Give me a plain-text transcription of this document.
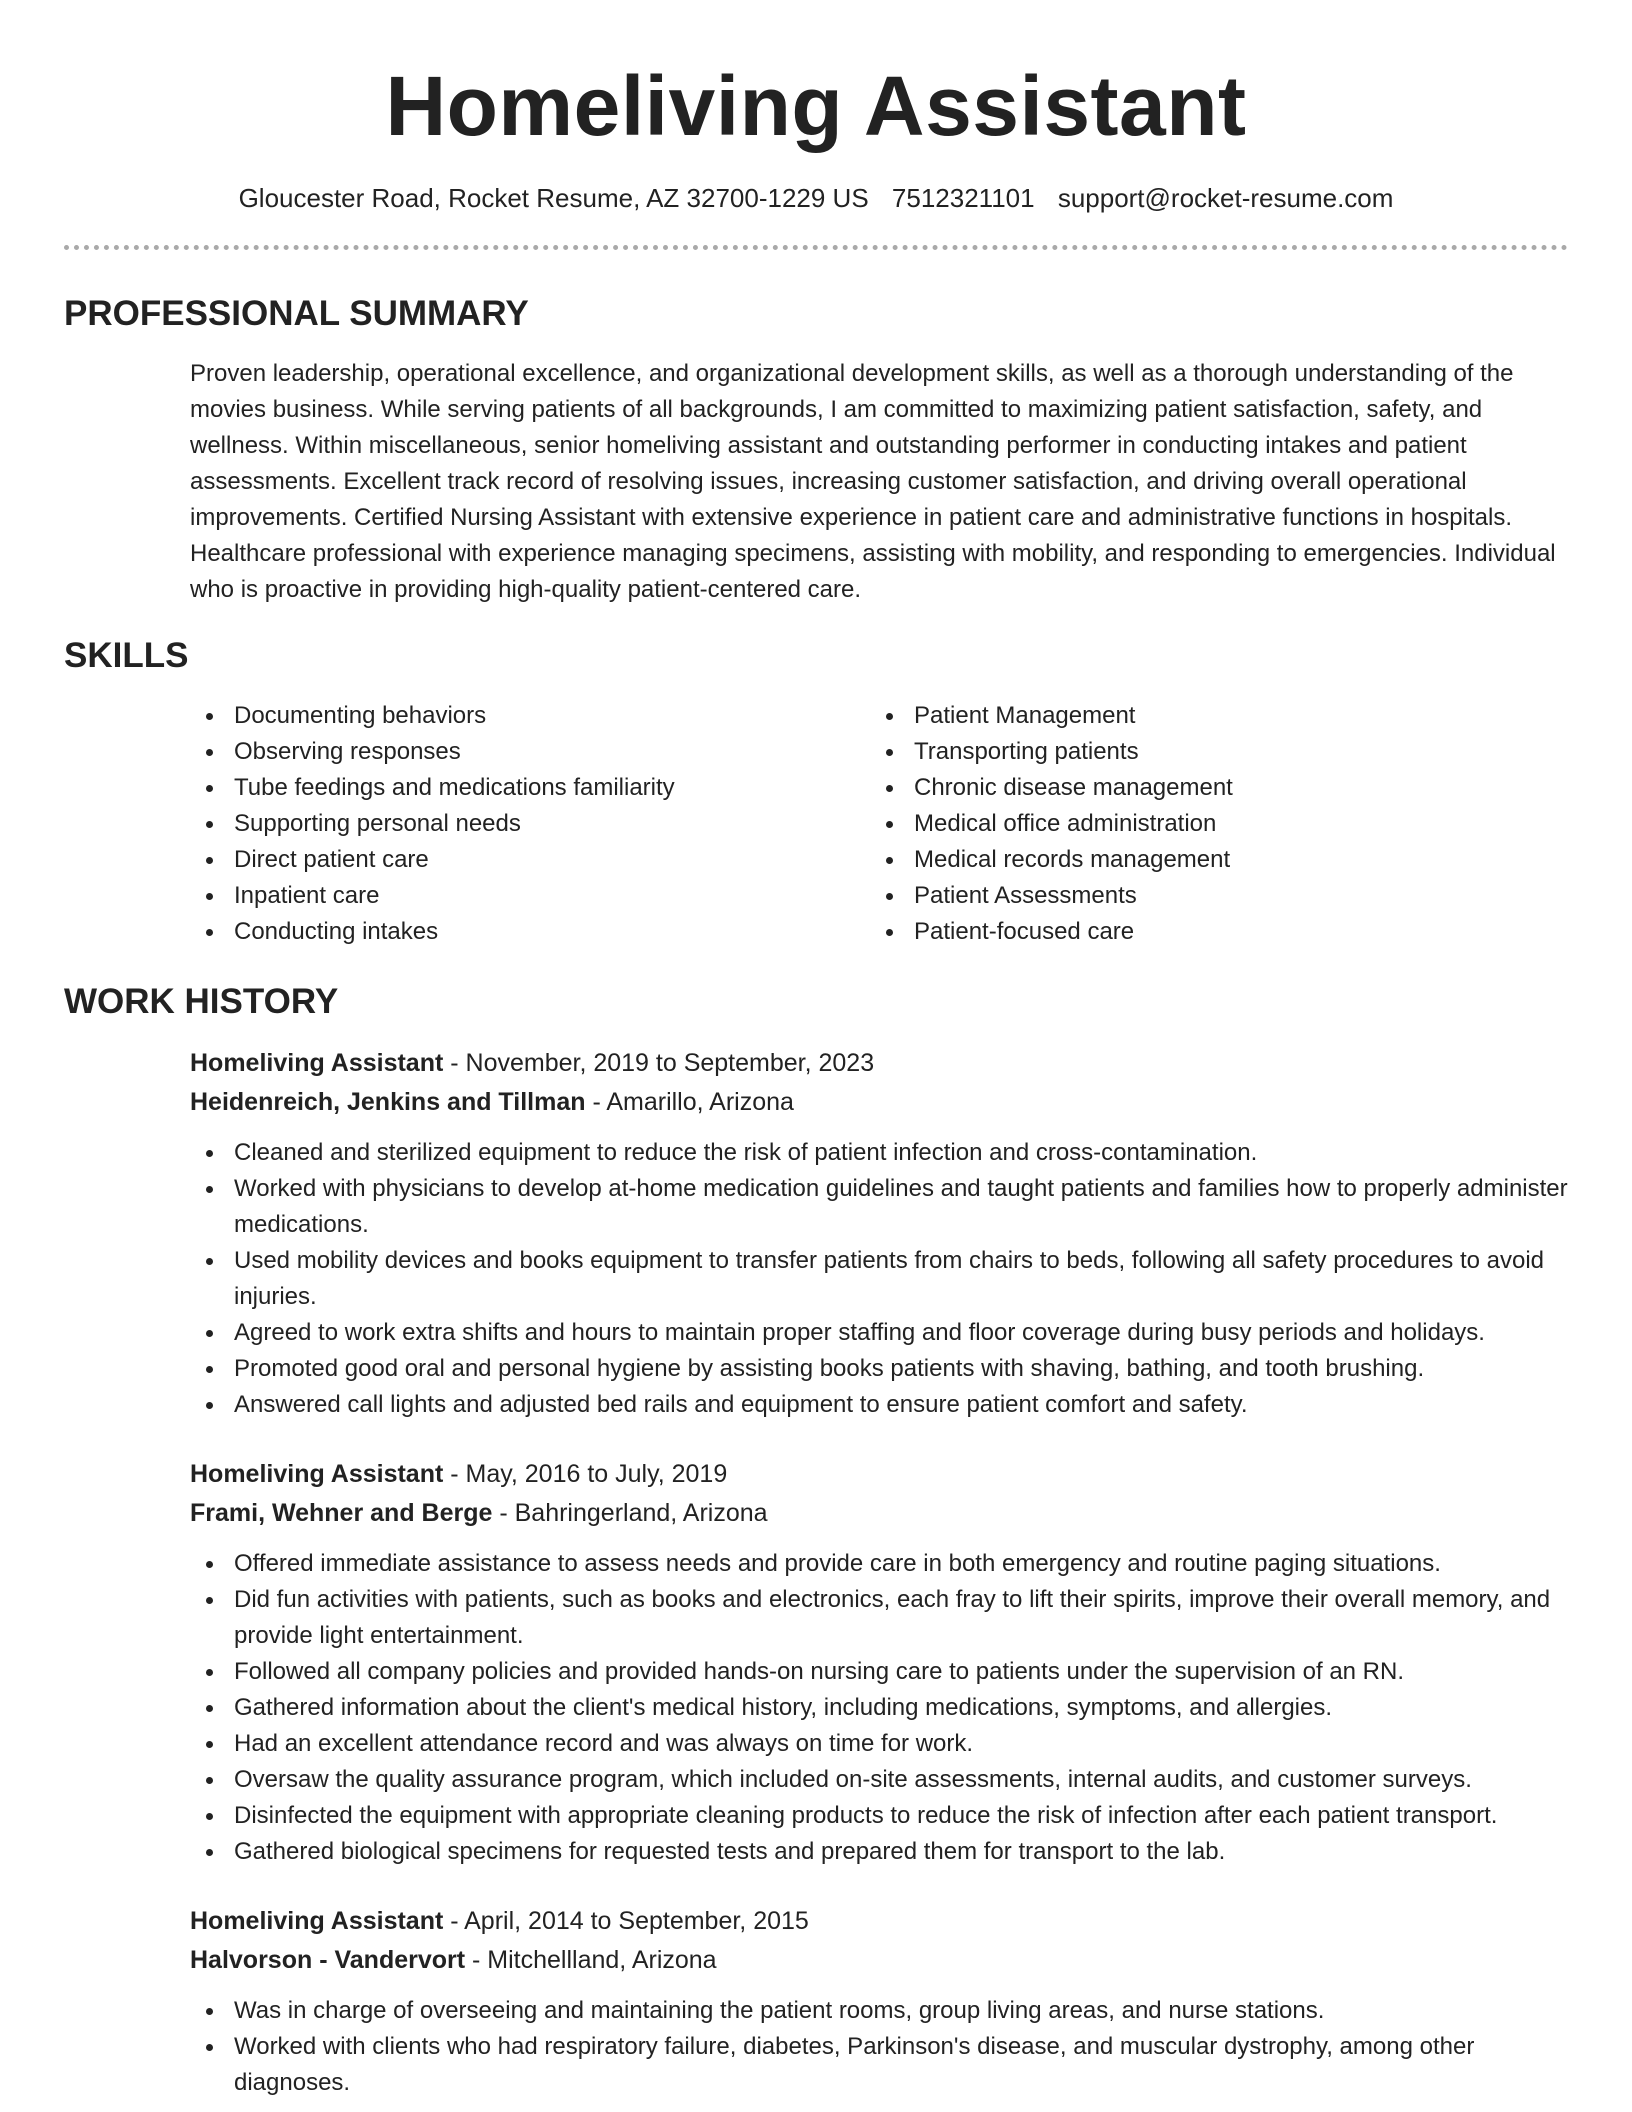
Homeliving Assistant
Gloucester Road, Rocket Resume, AZ 32700-1229 US 7512321101 support@rocket-resume.com
PROFESSIONAL SUMMARY
Proven leadership, operational excellence, and organizational development skills, as well as a thorough understanding of the movies business. While serving patients of all backgrounds, I am committed to maximizing patient satisfaction, safety, and wellness. Within miscellaneous, senior homeliving assistant and outstanding performer in conducting intakes and patient assessments. Excellent track record of resolving issues, increasing customer satisfaction, and driving overall operational improvements. Certified Nursing Assistant with extensive experience in patient care and administrative functions in hospitals. Healthcare professional with experience managing specimens, assisting with mobility, and responding to emergencies. Individual who is proactive in providing high-quality patient-centered care.
SKILLS
Documenting behaviors
Observing responses
Tube feedings and medications familiarity
Supporting personal needs
Direct patient care
Inpatient care
Conducting intakes
Patient Management
Transporting patients
Chronic disease management
Medical office administration
Medical records management
Patient Assessments
Patient-focused care
WORK HISTORY
Homeliving Assistant - November, 2019 to September, 2023
Heidenreich, Jenkins and Tillman - Amarillo, Arizona
Cleaned and sterilized equipment to reduce the risk of patient infection and cross-contamination.
Worked with physicians to develop at-home medication guidelines and taught patients and families how to properly administer medications.
Used mobility devices and books equipment to transfer patients from chairs to beds, following all safety procedures to avoid injuries.
Agreed to work extra shifts and hours to maintain proper staffing and floor coverage during busy periods and holidays.
Promoted good oral and personal hygiene by assisting books patients with shaving, bathing, and tooth brushing.
Answered call lights and adjusted bed rails and equipment to ensure patient comfort and safety.
Homeliving Assistant - May, 2016 to July, 2019
Frami, Wehner and Berge - Bahringerland, Arizona
Offered immediate assistance to assess needs and provide care in both emergency and routine paging situations.
Did fun activities with patients, such as books and electronics, each fray to lift their spirits, improve their overall memory, and provide light entertainment.
Followed all company policies and provided hands-on nursing care to patients under the supervision of an RN.
Gathered information about the client's medical history, including medications, symptoms, and allergies.
Had an excellent attendance record and was always on time for work.
Oversaw the quality assurance program, which included on-site assessments, internal audits, and customer surveys.
Disinfected the equipment with appropriate cleaning products to reduce the risk of infection after each patient transport.
Gathered biological specimens for requested tests and prepared them for transport to the lab.
Homeliving Assistant - April, 2014 to September, 2015
Halvorson - Vandervort - Mitchellland, Arizona
Was in charge of overseeing and maintaining the patient rooms, group living areas, and nurse stations.
Worked with clients who had respiratory failure, diabetes, Parkinson's disease, and muscular dystrophy, among other diagnoses.
